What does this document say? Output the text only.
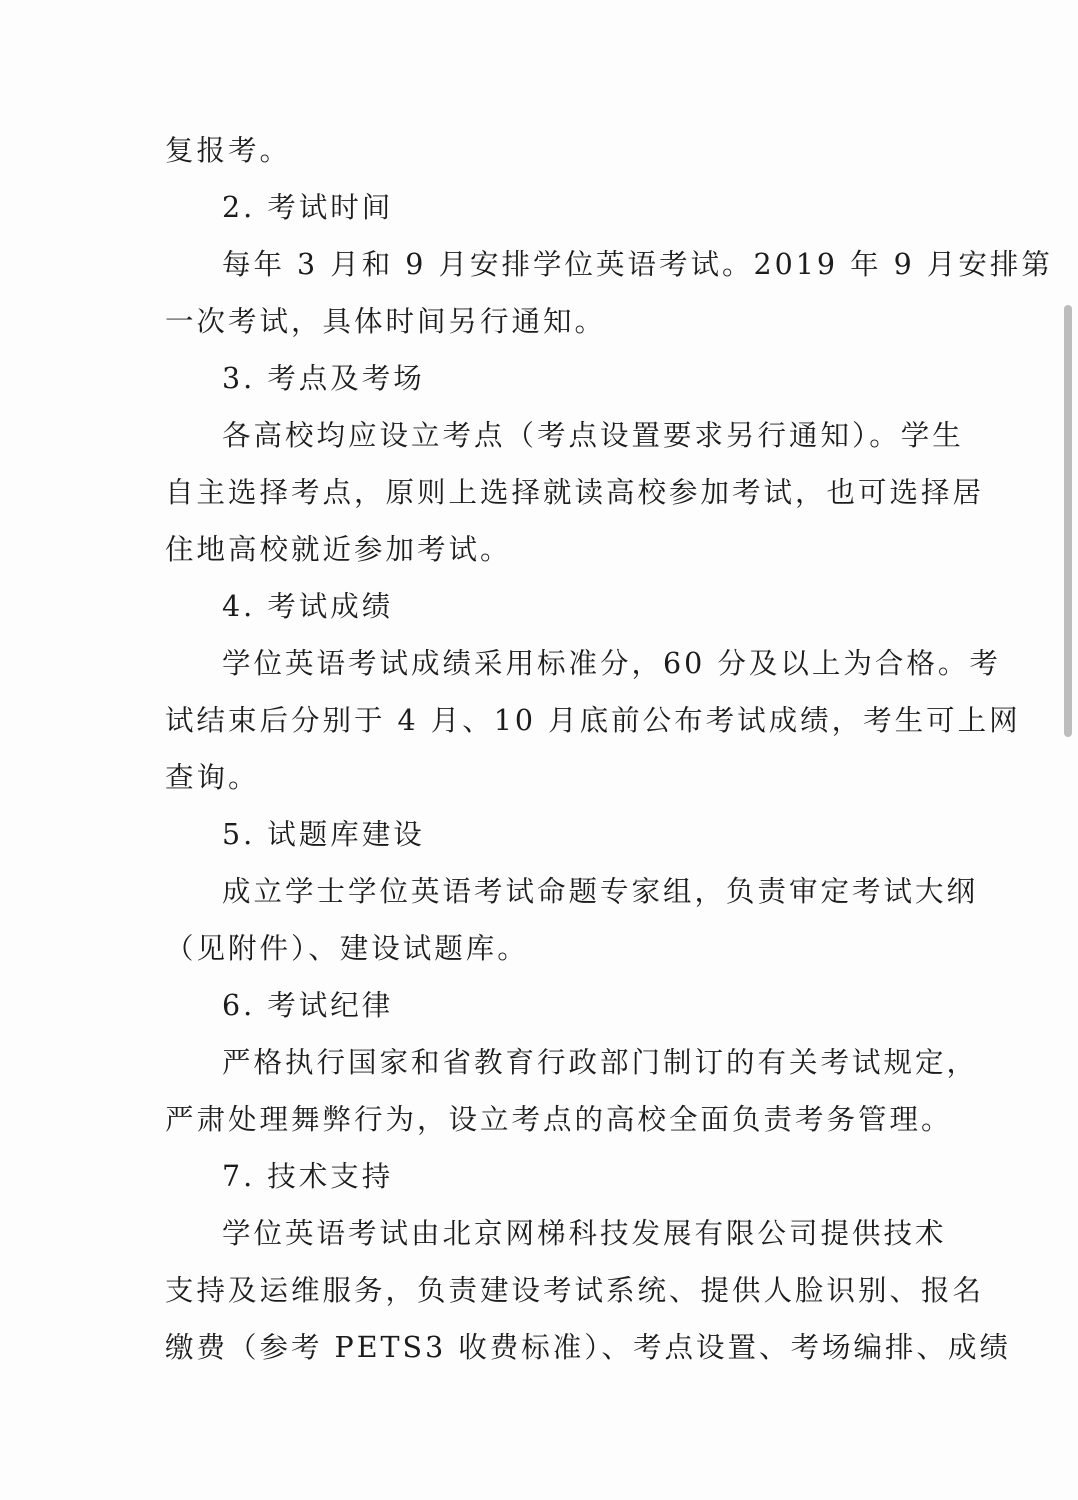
复报考。
2. 考试时间
每年 3 月和 9 月安排学位英语考试。2019 年 9 月安排第
一次考试，具体时间另行通知。
3. 考点及考场
各高校均应设立考点（考点设置要求另行通知）。学生
自主选择考点，原则上选择就读高校参加考试，也可选择居
住地高校就近参加考试。
4. 考试成绩
学位英语考试成绩采用标准分，60 分及以上为合格。考
试结束后分别于 4 月、10 月底前公布考试成绩，考生可上网
查询。
5. 试题库建设
成立学士学位英语考试命题专家组，负责审定考试大纲
（见附件）、建设试题库。
6. 考试纪律
严格执行国家和省教育行政部门制订的有关考试规定，
严肃处理舞弊行为，设立考点的高校全面负责考务管理。
7. 技术支持
学位英语考试由北京网梯科技发展有限公司提供技术
支持及运维服务，负责建设考试系统、提供人脸识别、报名
缴费（参考 PETS3 收费标准）、考点设置、考场编排、成绩
